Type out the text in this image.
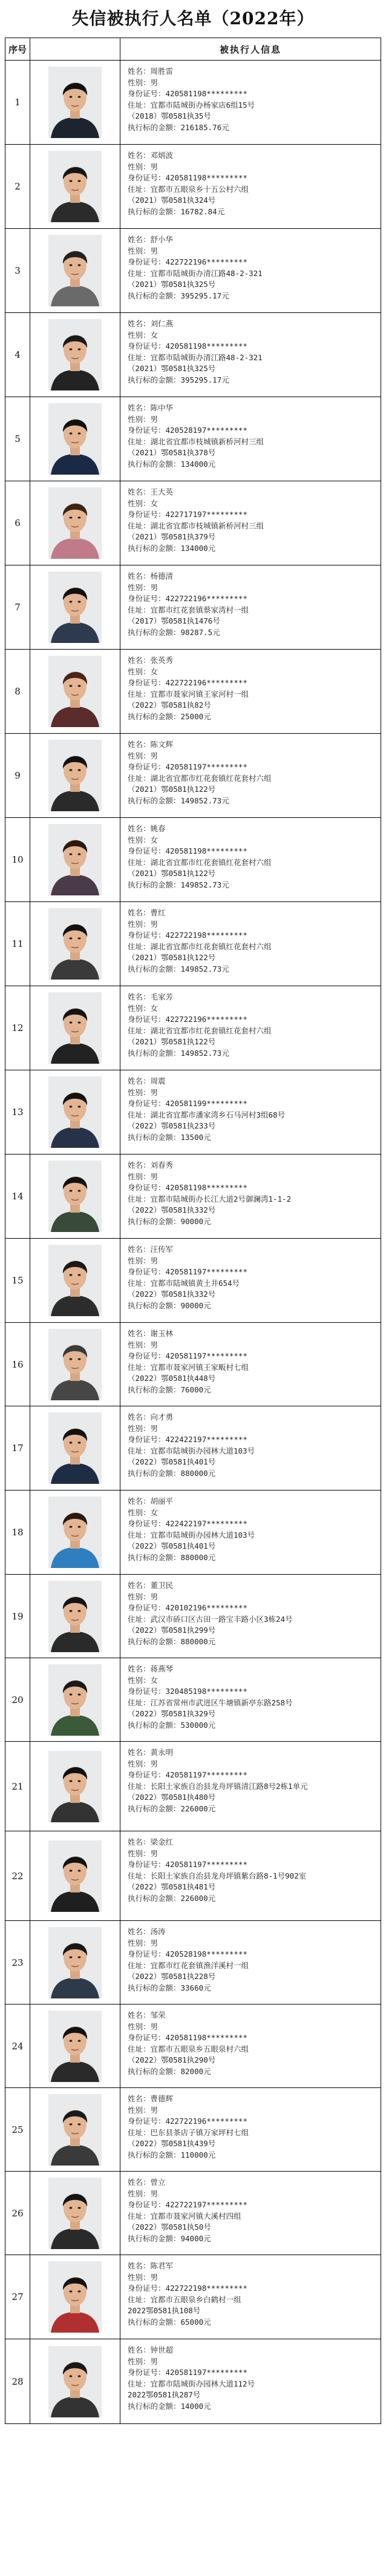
失信被执行人名单（2022年）
序号	被执行人信息
1
姓名：周胜雷
性别：男
身份证号：420581198*********
住址：宜都市陆城街办杨家店6组15号
（2018）鄂0581执35号
执行标的金额：216185.76元
2
姓名：邓炳波
性别：男
身份证号：420581198*********
住址：宜都市五眼泉乡十五公村六组
（2021）鄂0581执324号
执行标的金额：16782.84元
3
姓名：舒小华
性别：男
身份证号：422722196*********
住址：宜都市陆城街办清江路48-2-321
（2021）鄂0581执325号
执行标的金额：395295.17元
4
姓名：刘仁燕
性别：女
身份证号：420581198*********
住址：宜都市陆城街办清江路48-2-321
（2021）鄂0581执325号
执行标的金额：395295.17元
5
姓名：陈中华
性别：男
身份证号：420528197*********
住址：湖北省宜都市枝城镇新桥河村三组
（2021）鄂0581执378号
执行标的金额：134000元
6
姓名：王大英
性别：女
身份证号：422717197*********
住址：湖北省宜都市枝城镇新桥河村三组
（2021）鄂0581执379号
执行标的金额：134000元
7
姓名：杨德清
性别：男
身份证号：422722196*********
住址：宜都市红花套镇蔡家湾村一组
（2017）鄂0581执1476号
执行标的金额：98287.5元
8
姓名：张英秀
性别：女
身份证号：422722196*********
住址：宜都市聂家河镇王家河村一组
（2022）鄂0581执82号
执行标的金额：25000元
9
姓名：陈文辉
性别：男
身份证号：420581197*********
住址：湖北省宜都市红花套镇红花套村六组
（2021）鄂0581执122号
执行标的金额：149852.73元
10
姓名：姚春
性别：女
身份证号：420581198*********
住址：湖北省宜都市红花套镇红花套村六组
（2021）鄂0581执122号
执行标的金额：149852.73元
11
姓名：曹红
性别：男
身份证号：422722198*********
住址：湖北省宜都市红花套镇红花套村六组
（2021）鄂0581执122号
执行标的金额：149852.73元
12
姓名：毛家芳
性别：女
身份证号：422722196*********
住址：湖北省宜都市红花套镇红花套村六组
（2021）鄂0581执122号
执行标的金额：149852.73元
13
姓名：周震
性别：男
身份证号：420581199*********
住址：湖北省宜都市潘家湾乡石马河村3组68号
（2022）鄂0581执233号
执行标的金额：13500元
14
姓名：刘春秀
性别：男
身份证号：420581198*********
住址：宜都市陆城街办长江大道2号御澜湾1-1-2
（2022）鄂0581执332号
执行标的金额：90000元
15
姓名：汪传军
性别：男
身份证号：420581197*********
住址：宜都市陆城镇黄土井654号
（2022）鄂0581执332号
执行标的金额：90000元
16
姓名：谢玉林
性别：男
身份证号：420581197*********
住址：宜都市聂家河镇王家畈村七组
（2022）鄂0581执448号
执行标的金额：76000元
17
姓名：向才勇
性别：男
身份证号：422422197*********
住址：宜都市陆城街办园林大道103号
（2022）鄂0581执401号
执行标的金额：880000元
18
姓名：胡丽平
性别：女
身份证号：422422197*********
住址：宜都市陆城街办园林大道103号
（2022）鄂0581执401号
执行标的金额：880000元
19
姓名：董卫民
性别：男
身份证号：420102196*********
住址：武汉市硚口区古田一路宝丰路小区3栋24号
（2022）鄂0581执299号
执行标的金额：880000元
20
姓名：蒋燕琴
性别：女
身份证号：320485198*********
住址：江苏省常州市武进区牛塘镇新亭东路258号
（2022）鄂0581执329号
执行标的金额：530000元
21
姓名：黄永明
性别：男
身份证号：420581197*********
住址：长阳土家族自治县龙舟坪镇清江路8号2栋1单元
（2022）鄂0581执480号
执行标的金额：226000元
22
姓名：梁金红
性别：男
身份证号：420581197*********
住址：长阳土家族自治县龙舟坪镇紫台路8-1号902室
（2022）鄂0581执481号
执行标的金额：226000元
23
姓名：汤涛
性别：男
身份证号：420528198*********
住址：宜都市红花套镇渔洋溪村一组
（2022）鄂0581执228号
执行标的金额：33660元
24
姓名：邹荣
性别：男
身份证号：420581198*********
住址：宜都市五眼泉乡五眼泉村六组
（2022）鄂0581执290号
执行标的金额：82000元
25
姓名：曹德辉
性别：男
身份证号：422722196*********
住址：巴东县茶店子镇万家坪村七组
（2022）鄂0581执439号
执行标的金额：110000元
26
姓名：曾立
性别：男
身份证号：422722197*********
住址：宜都市聂家河镇大溪村四组
（2022）鄂0581执50号
执行标的金额：94000元
27
姓名：陈君军
性别：男
身份证号：422722198*********
住址：宜都市五眼泉乡白鹤村一组
2022鄂0581执108号
执行标的金额：65000元
28
姓名：钟世超
性别：男
身份证号：420581197*********
住址：宜都市陆城街办园林大道112号
2022鄂0581执287号
执行标的金额：14000元
